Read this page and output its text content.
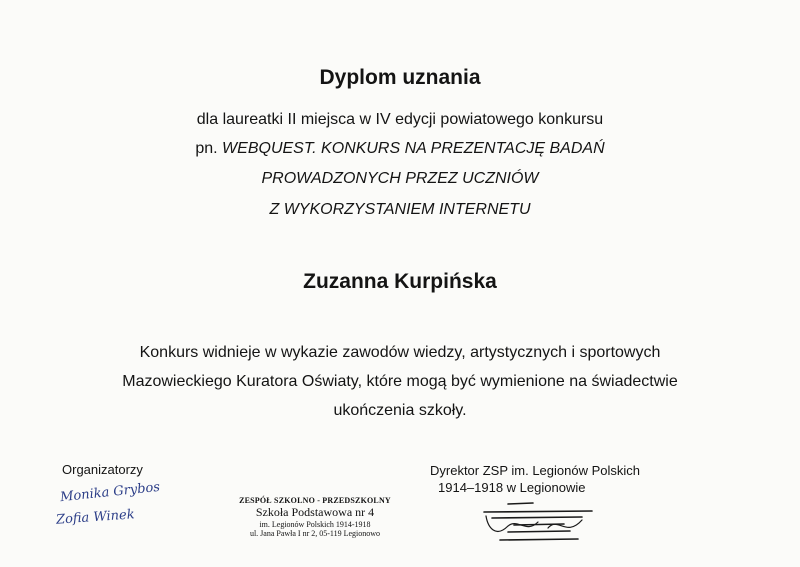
Dyplom uznania
dla laureatki II miejsca w IV edycji powiatowego konkursu
pn. WEBQUEST. KONKURS NA PREZENTACJĘ BADAŃ
PROWADZONYCH PRZEZ UCZNIÓW
Z WYKORZYSTANIEM INTERNETU
Zuzanna Kurpińska
Konkurs widnieje w wykazie zawodów wiedzy, artystycznych i sportowych
Mazowieckiego Kuratora Oświaty, które mogą być wymienione na świadectwie
ukończenia szkoły.
Organizatorzy
Monika Grybos
Zofia Winek
ZESPÓŁ SZKOLNO - PRZEDSZKOLNY
Szkoła Podstawowa nr 4
im. Legionów Polskich 1914-1918
ul. Jana Pawła I nr 2, 05-119 Legionowo
Dyrektor ZSP im. Legionów Polskich
1914–1918 w Legionowie
